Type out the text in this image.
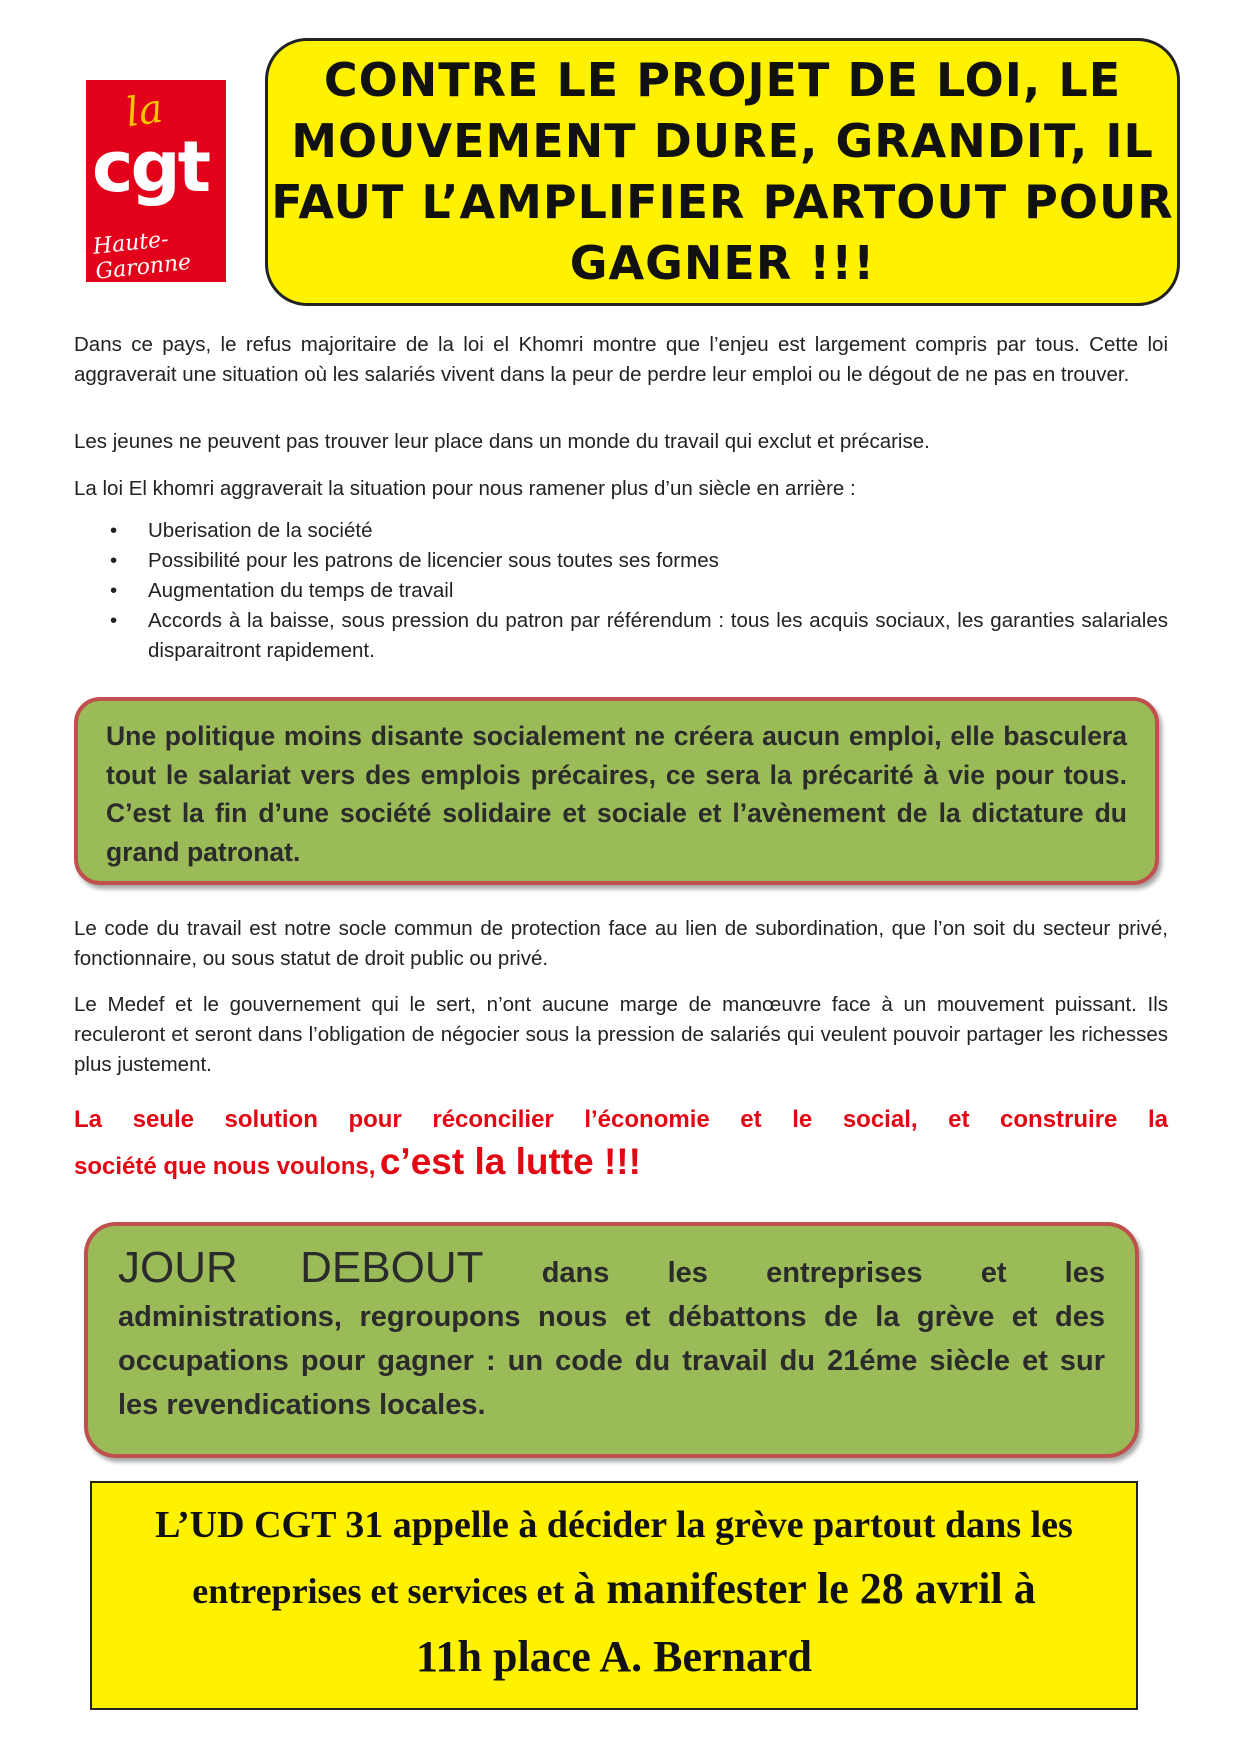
la
cgt
Haute-Garonne
CONTRE LE PROJET DE LOI, LE MOUVEMENT DURE, GRANDIT, IL FAUT L’AMPLIFIER PARTOUT POUR GAGNER !!!

Dans ce pays, le refus majoritaire de la loi el Khomri montre que l’enjeu est largement compris par tous. Cette loi aggraverait une situation où les salariés vivent dans la peur de perdre leur emploi ou le dégout de ne pas en trouver.

Les jeunes ne peuvent pas trouver leur place dans un monde du travail qui exclut et précarise.

La loi El khomri aggraverait la situation pour nous ramener plus d’un siècle en arrière :

• Uberisation de la société
• Possibilité pour les patrons de licencier sous toutes ses formes
• Augmentation du temps de travail
• Accords à la baisse, sous pression du patron par référendum : tous les acquis sociaux, les garanties salariales disparaitront rapidement.

Une politique moins disante socialement ne créera aucun emploi, elle basculera tout le salariat vers des emplois précaires, ce sera la précarité à vie pour tous. C’est la fin d’une société solidaire et sociale et l’avènement de la dictature du grand patronat.

Le code du travail est notre socle commun de protection face au lien de subordination, que l’on soit du secteur privé, fonctionnaire, ou sous statut de droit public ou privé.

Le Medef et le gouvernement qui le sert, n’ont aucune marge de manœuvre face à un mouvement puissant. Ils reculeront et seront dans l’obligation de négocier sous la pression de salariés qui veulent pouvoir partager les richesses plus justement.

La seule solution pour réconcilier l’économie et le social, et construire la
société que nous voulons, c’est la lutte !!!

JOUR DEBOUT dans les entreprises et les
administrations, regroupons nous et débattons de la grève et des occupations pour gagner : un code du travail du 21éme siècle et sur les revendications locales.

L’UD CGT 31 appelle à décider la grève partout dans les

entreprises et services et à manifester le 28 avril à

11h place A. Bernard
